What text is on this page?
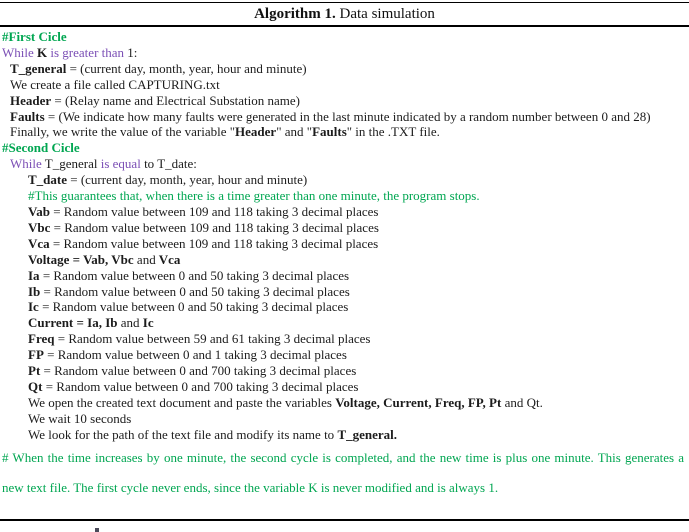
Algorithm 1. Data simulation
#First Cicle
While K is greater than 1:
T_general = (current day, month, year, hour and minute)
We create a file called CAPTURING.txt
Header = (Relay name and Electrical Substation name)
Faults = (We indicate how many faults were generated in the last minute indicated by a random number between 0 and 28)
Finally, we write the value of the variable "Header" and "Faults" in the .TXT file.
#Second Cicle
While T_general is equal to T_date:
T_date = (current day, month, year, hour and minute)
#This guarantees that, when there is a time greater than one minute, the program stops.
Vab = Random value between 109 and 118 taking 3 decimal places
Vbc = Random value between 109 and 118 taking 3 decimal places
Vca = Random value between 109 and 118 taking 3 decimal places
Voltage = Vab, Vbc and Vca
Ia = Random value between 0 and 50 taking 3 decimal places
Ib = Random value between 0 and 50 taking 3 decimal places
Ic = Random value between 0 and 50 taking 3 decimal places
Current = Ia, Ib and Ic
Freq = Random value between 59 and 61 taking 3 decimal places
FP = Random value between 0 and 1 taking 3 decimal places
Pt = Random value between 0 and 700 taking 3 decimal places
Qt = Random value between 0 and 700 taking 3 decimal places
We open the created text document and paste the variables Voltage, Current, Freq, FP, Pt and Qt.
We wait 10 seconds
We look for the path of the text file and modify its name to T_general.
# When the time increases by one minute, the second cycle is completed, and the new time is plus one minute. This generates a new text file. The first cycle never ends, since the variable K is never modified and is always 1.
